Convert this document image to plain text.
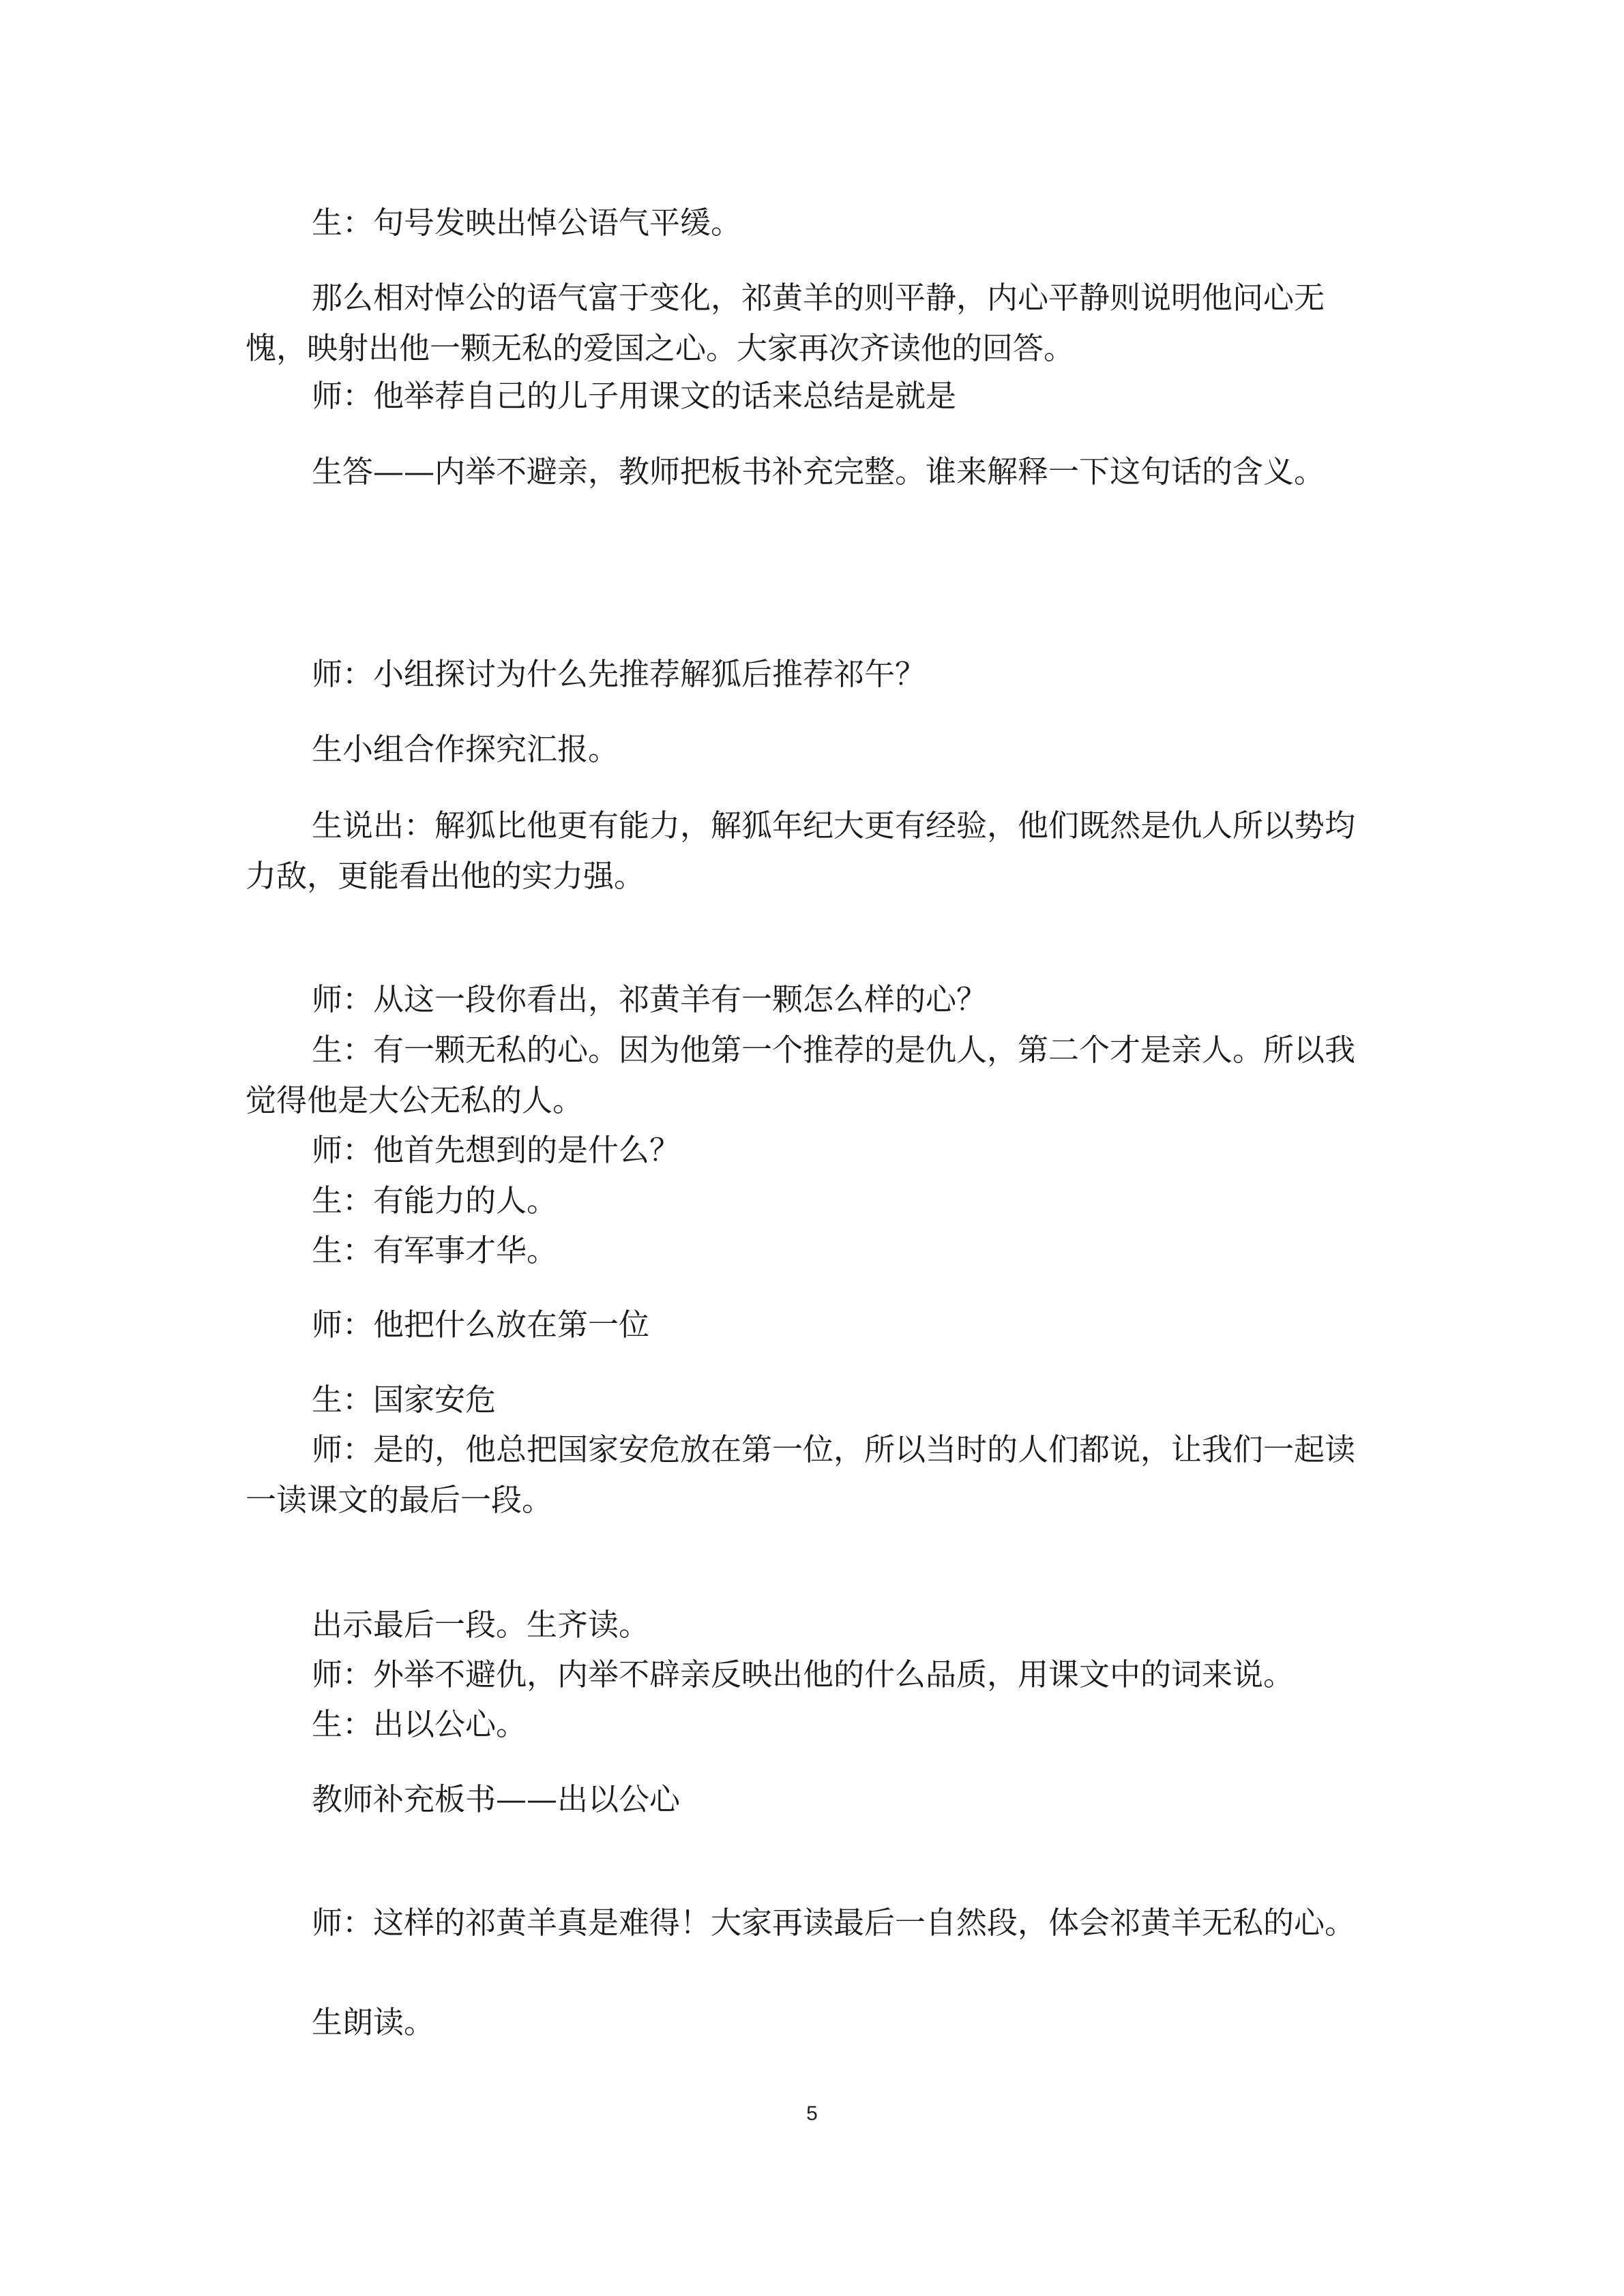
生：句号发映出悼公语气平缓。

那么相对悼公的语气富于变化，祁黄羊的则平静，内心平静则说明他问心无愧，映射出他一颗无私的爱国之心。大家再次齐读他的回答。

师：他举荐自己的儿子用课文的话来总结是就是

生答——内举不避亲，教师把板书补充完整。谁来解释一下这句话的含义。

师：小组探讨为什么先推荐解狐后推荐祁午？

生小组合作探究汇报。

生说出：解狐比他更有能力，解狐年纪大更有经验，他们既然是仇人所以势均力敌，更能看出他的实力强。

师：从这一段你看出，祁黄羊有一颗怎么样的心？

生：有一颗无私的心。因为他第一个推荐的是仇人，第二个才是亲人。所以我觉得他是大公无私的人。

师：他首先想到的是什么？

生：有能力的人。

生：有军事才华。

师：他把什么放在第一位

生：国家安危

师：是的，他总把国家安危放在第一位，所以当时的人们都说，让我们一起读一读课文的最后一段。

出示最后一段。生齐读。

师：外举不避仇，内举不辟亲反映出他的什么品质，用课文中的词来说。

生：出以公心。

教师补充板书——出以公心

师：这样的祁黄羊真是难得！大家再读最后一自然段，体会祁黄羊无私的心。

生朗读。

5
